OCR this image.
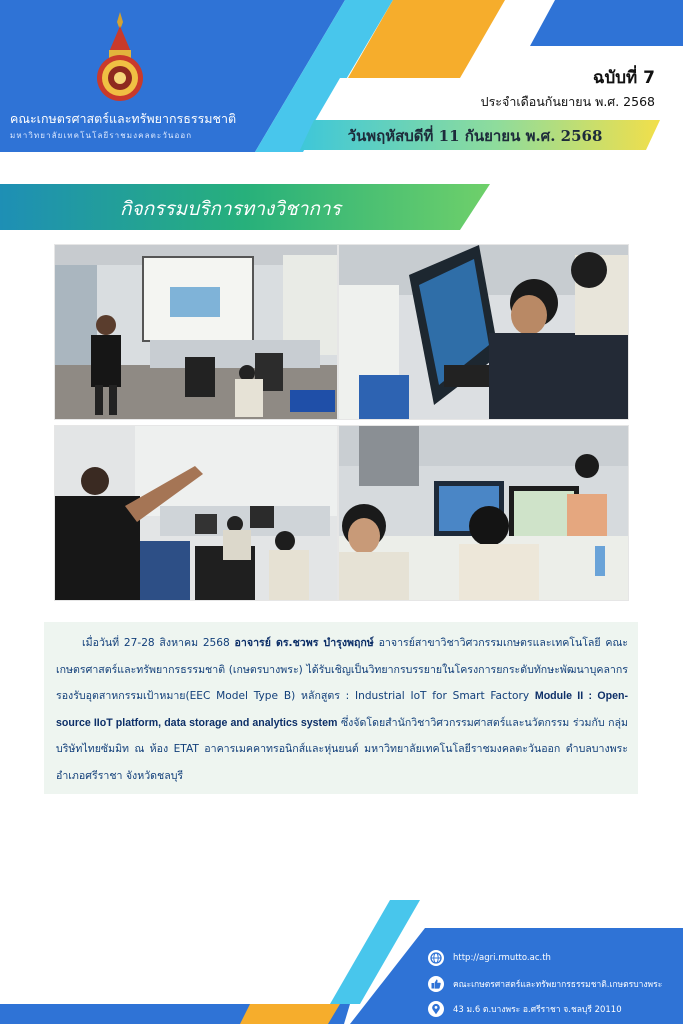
คณะเกษตรศาสตร์และทรัพยากรธรรมชาติ
มหาวิทยาลัยเทคโนโลยีราชมงคลตะวันออก
ฉบับที่ 7
ประจำเดือนกันยายน พ.ศ. 2568
วันพฤหัสบดีที่ 11 กันยายน พ.ศ. 2568
กิจกรรมบริการทางวิชาการ
เมื่อวันที่ 27-28 สิงหาคม 2568 อาจารย์ ดร.ชวพร บำรุงพฤกษ์ อาจารย์สาขาวิชาวิศวกรรมเกษตรและเทคโนโลยี คณะเกษตรศาสตร์และทรัพยากรธรรมชาติ (เกษตรบางพระ) ได้รับเชิญเป็นวิทยากรบรรยายในโครงการยกระดับทักษะพัฒนาบุคลากรรองรับอุตสาหกรรมเป้าหมาย(EEC Model Type B) หลักสูตร : Industrial IoT for Smart Factory Module II : Open-source IIoT platform, data storage and analytics system ซึ่งจัดโดยสำนักวิชาวิศวกรรมศาสตร์และนวัตกรรม ร่วมกับ กลุ่มบริษัทไทยซัมมิท ณ ห้อง ETAT อาคารเมคคาทรอนิกส์และหุ่นยนต์ มหาวิทยาลัยเทคโนโลยีราชมงคลตะวันออก ตำบลบางพระ อำเภอศรีราชา จังหวัดชลบุรี
http://agri.rmutto.ac.th
คณะเกษตรศาสตร์และทรัพยากรธรรมชาติ.เกษตรบางพระ
43 ม.6 ต.บางพระ อ.ศรีราชา จ.ชลบุรี 20110
